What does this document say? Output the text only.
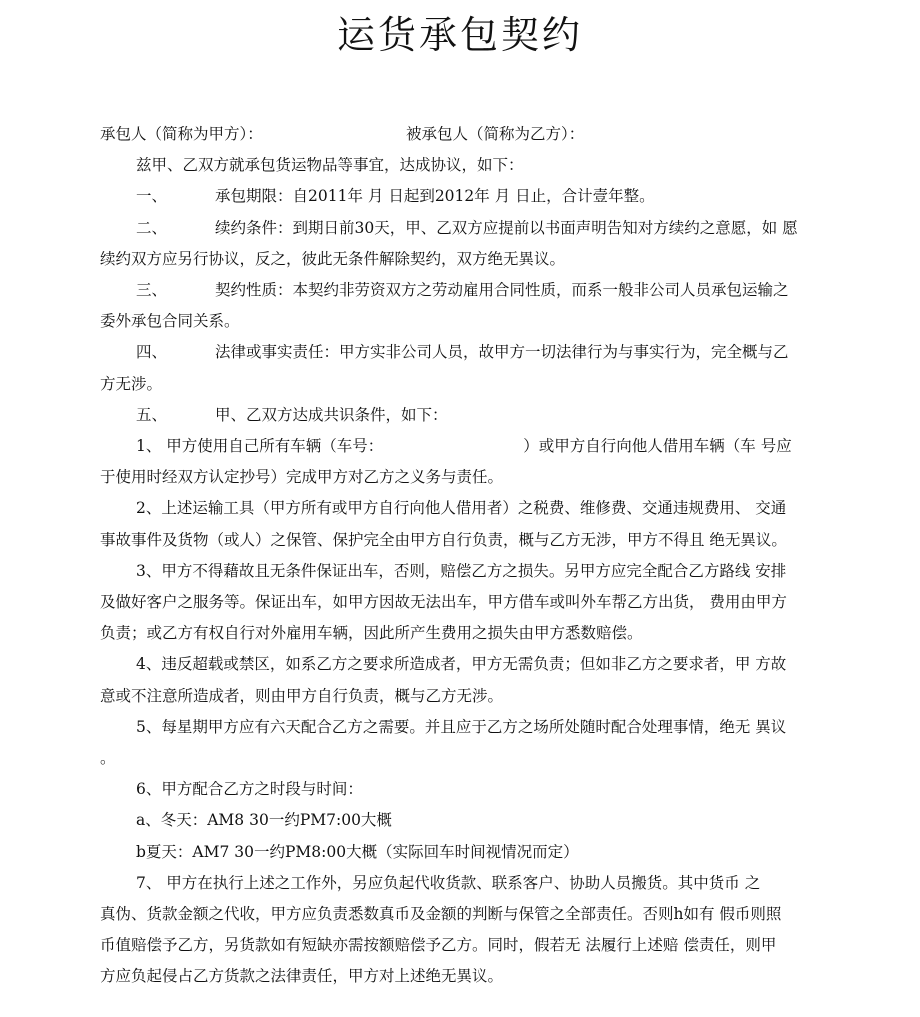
运货承包契约
承包人（简称为甲方）：	被承包人（简称为乙方）：
兹甲、乙双方就承包货运物品等事宜，达成协议，如下：
一、	承包期限：自2011年 月 日起到2012年 月 日止，合计壹年整。
二、	续约条件：到期日前30天，甲、乙双方应提前以书面声明告知对方续约之意愿，如 愿
续约双方应另行协议，反之，彼此无条件解除契约，双方绝无異议。
三、	契约性质：本契约非劳资双方之劳动雇用合同性质，而系一般非公司人员承包运输之
委外承包合同关系。
四、	法律或事实责任：甲方实非公司人员，故甲方一切法律行为与事实行为，完全概与乙
方无涉。
五、	甲、乙双方达成共识条件，如下：
1、 甲方使用自己所有车辆（车号：	）或甲方自行向他人借用车辆（车 号应
于使用时经双方认定抄号）完成甲方对乙方之义务与责任。
2、上述运输工具（甲方所有或甲方自行向他人借用者）之税费、维修费、交通违规费用、 交通
事故事件及货物（或人）之保管、保护完全由甲方自行负责，概与乙方无涉，甲方不得且 绝无異议。
3、甲方不得藉故且无条件保证出车，否则，赔偿乙方之损失。另甲方应完全配合乙方路线 安排
及做好客户之服务等。保证出车，如甲方因故无法出车，甲方借车或叫外车帮乙方出货， 费用由甲方
负责；或乙方有权自行对外雇用车辆，因此所产生费用之损失由甲方悉数赔偿。
4、违反超载或禁区，如系乙方之要求所造成者，甲方无需负责；但如非乙方之要求者，甲 方故
意或不注意所造成者，则由甲方自行负责，概与乙方无涉。
5、每星期甲方应有六天配合乙方之需要。并且应于乙方之场所处随时配合处理事情，绝无 異议
。
6、甲方配合乙方之时段与时间：
a、冬天：AM8 30一约PM7:00大概
b夏天：AM7 30一约PM8:00大概（实际回车时间视情况而定）
7、 甲方在执行上述之工作外，另应负起代收货款、联系客户、协助人员搬货。其中货币 之
真伪、货款金额之代收，甲方应负责悉数真币及金额的判断与保管之全部责任。否则h如有 假币则照
币值赔偿予乙方，另货款如有短缺亦需按额赔偿予乙方。同时，假若无 法履行上述赔 偿责任，则甲
方应负起侵占乙方货款之法律责任，甲方对上述绝无異议。
